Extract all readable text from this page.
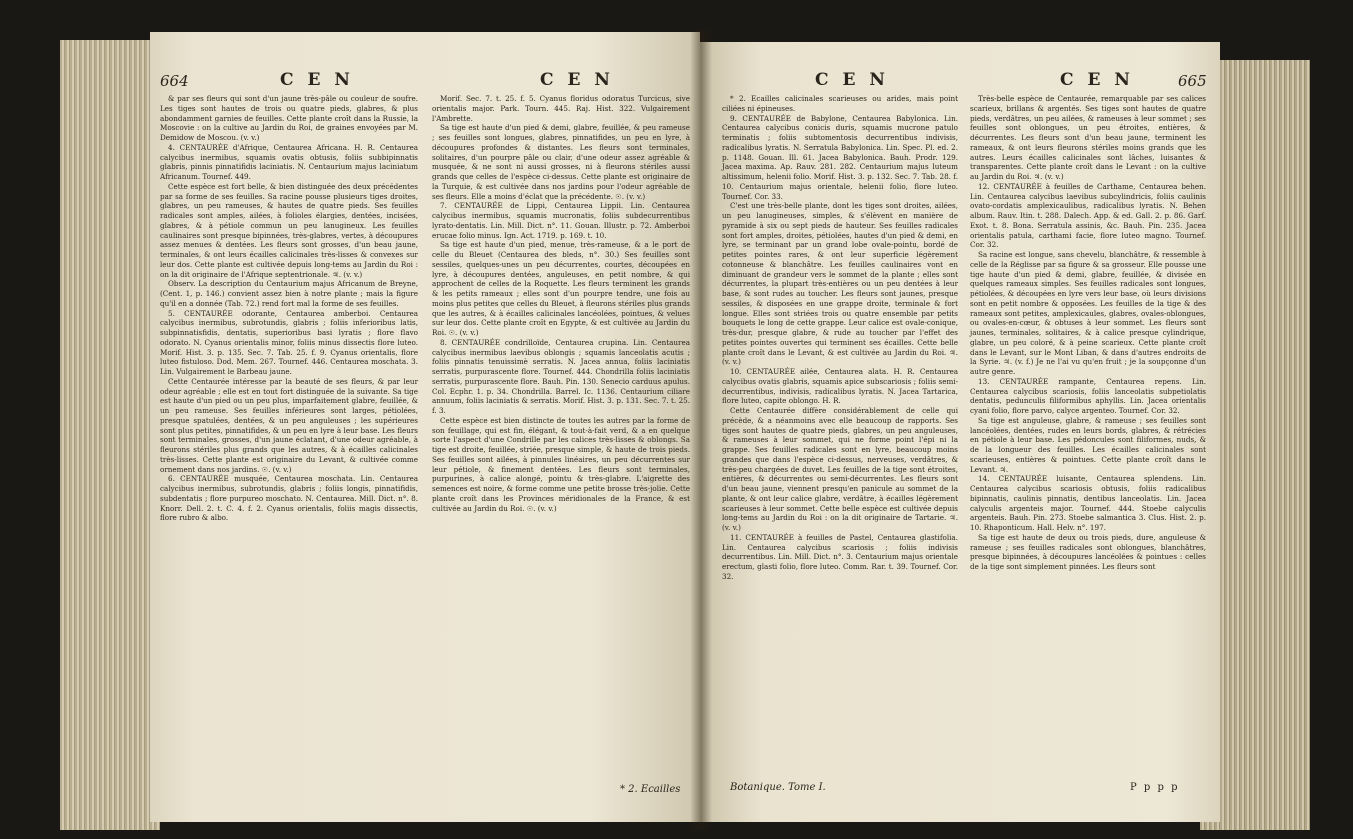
664	C E N	C E N

& par ses fleurs qui sont d'un jaune très-pâle ou couleur de soufre. Les tiges sont hautes de trois ou quatre pieds, glabres, & plus abondamment garnies de feuilles. Cette plante croît dans la Russie, la Moscovie : on la cultive au Jardin du Roi, de graines envoyées par M. Demidow de Moscou. (v. v.)

4. CENTAURÉE d'Afrique, Centaurea Africana. H. R. Centaurea calycibus inermibus, squamis ovatis obtusis, foliis subbipinnatis glabris, pinnis pinnatifidis laciniatis. N. Centaurium majus laciniatum Africanum. Tournef. 449.

Cette espèce est fort belle, & bien distinguée des deux précédentes par sa forme de ses feuilles. Sa racine pousse plusieurs tiges droites, glabres, un peu rameuses, & hautes de quatre pieds. Ses feuilles radicales sont amples, ailées, à folioles élargies, dentées, incisées, glabres, & à pétiole commun un peu lanugineux. Les feuilles caulinaires sont presque bipinnées, très-glabres, vertes, à découpures assez menues & dentées. Les fleurs sont grosses, d'un beau jaune, terminales, & ont leurs écailles calicinales très-lisses & convexes sur leur dos. Cette plante est cultivée depuis long-tems au Jardin du Roi : on la dit originaire de l'Afrique septentrionale. ♃. (v. v.)

Observ. La description du Centaurium majus Africanum de Breyne, (Cent. 1, p. 146.) convient assez bien à notre plante ; mais la figure qu'il en a donnée (Tab. 72.) rend fort mal la forme de ses feuilles.

5. CENTAURÉE odorante, Centaurea amberboi. Centaurea calycibus inermibus, subrotundis, glabris ; foliis inferioribus latis, subpinnatisfidis, dentatis, superioribus basi lyratis ; flore flavo odorato. N. Cyanus orientalis minor, foliis minus dissectis flore luteo. Morif. Hist. 3. p. 135. Sec. 7. Tab. 25. f. 9. Cyanus orientalis, flore luteo fistuloso. Dod. Mem. 267. Tournef. 446. Centaurea moschata. 3. Lin. Vulgairement le Barbeau jaune.

Cette Centaurée intéresse par la beauté de ses fleurs, & par leur odeur agréable ; elle est en tout fort distinguée de la suivante. Sa tige est haute d'un pied ou un peu plus, imparfaitement glabre, feuillée, & un peu rameuse. Ses feuilles inférieures sont larges, pétiolées, presque spatulées, dentées, & un peu anguleuses ; les supérieures sont plus petites, pinnatifides, & un peu en lyre à leur base. Les fleurs sont terminales, grosses, d'un jaune éclatant, d'une odeur agréable, à fleurons stériles plus grands que les autres, & à écailles calicinales très-lisses. Cette plante est originaire du Levant, & cultivée comme ornement dans nos jardins. ☉. (v. v.)

6. CENTAURÉE musquée, Centaurea moschata. Lin. Centaurea calycibus inermibus, subrotundis, glabris ; foliis longis, pinnatifidis, subdentatis ; flore purpureo moschato. N. Centaurea. Mill. Dict. n°. 8. Knorr. Dell. 2. t. C. 4. f. 2. Cyanus orientalis, foliis magis dissectis, flore rubro & albo.

Morif. Sec. 7. t. 25. f. 5. Cyanus floridus odoratus Turcicus, sive orientalis major. Park. Tourn. 445. Raj. Hist. 322. Vulgairement l'Ambrette.

Sa tige est haute d'un pied & demi, glabre, feuillée, & peu rameuse ; ses feuilles sont longues, glabres, pinnatifides, un peu en lyre, à découpures profondes & distantes. Les fleurs sont terminales, solitaires, d'un pourpre pâle ou clair, d'une odeur assez agréable & musquée, & ne sont ni aussi grosses, ni à fleurons stériles aussi grands que celles de l'espèce ci-dessus. Cette plante est originaire de la Turquie, & est cultivée dans nos jardins pour l'odeur agréable de ses fleurs. Elle a moins d'éclat que la précédente. ☉. (v. v.)

7. CENTAURÉE de Lippi, Centaurea Lippii. Lin. Centaurea calycibus inermibus, squamis mucronatis, foliis subdecurrentibus lyrato-dentatis. Lin. Mill. Dict. n°. 11. Gouan. Illustr. p. 72. Amberboi erucae folio minus. Ign. Act. 1719. p. 169. t. 10.

Sa tige est haute d'un pied, menue, très-rameuse, & a le port de celle du Bleuet (Centaurea des bleds, n°. 30.) Ses feuilles sont sessiles, quelques-unes un peu décurrentes, courtes, découpées en lyre, à découpures dentées, anguleuses, en petit nombre, & qui approchent de celles de la Roquette. Les fleurs terminent les grands & les petits rameaux ; elles sont d'un pourpre tendre, une fois au moins plus petites que celles du Bleuet, à fleurons stériles plus grands que les autres, & à écailles calicinales lancéolées, pointues, & velues sur leur dos. Cette plante croît en Egypte, & est cultivée au Jardin du Roi. ☉. (v. v.)

8. CENTAURÉE condrilloïde, Centaurea crupina. Lin. Centaurea calycibus inermibus laevibus oblongis ; squamis lanceolatis acutis ; foliis pinnatis tenuissimè serratis. N. Jacea annua, foliis laciniatis serratis, purpurascente flore. Tournef. 444. Chondrilla foliis laciniatis serratis, purpurascente flore. Bauh. Pin. 130. Senecio carduus apulus. Col. Ecphr. 1. p. 34. Chondrilla. Barrel. Ic. 1136. Centaurium ciliare annuum, foliis laciniatis & serratis. Morif. Hist. 3. p. 131. Sec. 7. t. 25. f. 3.

Cette espèce est bien distincte de toutes les autres par la forme de son feuillage, qui est fin, élégant, & tout-à-fait verd, & a en quelque sorte l'aspect d'une Condrille par les calices très-lisses & oblongs. Sa tige est droite, feuillée, striée, presque simple, & haute de trois pieds. Ses feuilles sont ailées, à pinnules linéaires, un peu décurrentes sur leur pétiole, & finement dentées. Les fleurs sont terminales, purpurines, à calice alongé, pointu & très-glabre. L'aigrette des semences est noire, & forme comme une petite brosse très-jolie. Cette plante croît dans les Provinces méridionales de la France, & est cultivée au Jardin du Roi. ☉. (v. v.)

* 2. Ecailles
C E N	C E N	665

* 2. Ecailles calicinales scarieuses ou arides, mais point ciliées ni épineuses.

9. CENTAURÉE de Babylone, Centaurea Babylonica. Lin. Centaurea calycibus conicis duris, squamis mucrone patulo terminatis ; foliis subtomentosis decurrentibus indivisis, radicalibus lyratis. N. Serratula Babylonica. Lin. Spec. Pl. ed. 2. p. 1148. Gouan. Ill. 61. Jacea Babylonica. Bauh. Prodr. 129. Jacea maxima. Ap. Rauv. 281. 282. Centaurium majus luteum altissimum, helenii folio. Morif. Hist. 3. p. 132. Sec. 7. Tab. 28. f. 10. Centaurium majus orientale, helenii folio, flore luteo. Tournef. Cor. 33.

C'est une très-belle plante, dont les tiges sont droites, ailées, un peu lanugineuses, simples, & s'élèvent en manière de pyramide à six ou sept pieds de hauteur. Ses feuilles radicales sont fort amples, droites, pétiolées, hautes d'un pied & demi, en lyre, se terminant par un grand lobe ovale-pointu, bordé de petites pointes rares, & ont leur superficie légèrement cotonneuse & blanchâtre. Les feuilles caulinaires vont en diminuant de grandeur vers le sommet de la plante ; elles sont décurrentes, la plupart très-entières ou un peu dentées à leur base, & sont rudes au toucher. Les fleurs sont jaunes, presque sessiles, & disposées en une grappe droite, terminale & fort longue. Elles sont striées trois ou quatre ensemble par petits bouquets le long de cette grappe. Leur calice est ovale-conique, très-dur, presque glabre, & rude au toucher par l'effet des petites pointes ouvertes qui terminent ses écailles. Cette belle plante croît dans le Levant, & est cultivée au Jardin du Roi. ♃. (v. v.)

10. CENTAURÉE ailée, Centaurea alata. H. R. Centaurea calycibus ovatis glabris, squamis apice subscariosis ; foliis semi-decurrentibus, indivisis, radicalibus lyratis. N. Jacea Tartarica, flore luteo, capite oblongo. H. R.

Cette Centaurée diffère considérablement de celle qui précède, & a néanmoins avec elle beaucoup de rapports. Ses tiges sont hautes de quatre pieds, glabres, un peu anguleuses, & rameuses à leur sommet, qui ne forme point l'épi ni la grappe. Ses feuilles radicales sont en lyre, beaucoup moins grandes que dans l'espèce ci-dessus, nerveuses, verdâtres, & très-peu chargées de duvet. Les feuilles de la tige sont étroites, entières, & décurrentes ou semi-décurrentes. Les fleurs sont d'un beau jaune, viennent presqu'en panicule au sommet de la plante, & ont leur calice glabre, verdâtre, à écailles légèrement scarieuses à leur sommet. Cette belle espèce est cultivée depuis long-tems au Jardin du Roi : on la dit originaire de Tartarie. ♃. (v. v.)

11. CENTAURÉE à feuilles de Pastel, Centaurea glastifolia. Lin. Centaurea calycibus scariosis ; foliis indivisis decurrentibus. Lin. Mill. Dict. n°. 3. Centaurium majus orientale erectum, glasti folio, flore luteo. Comm. Rar. t. 39. Tournef. Cor. 32.

Très-belle espèce de Centaurée, remarquable par ses calices scarieux, brillans & argentés. Ses tiges sont hautes de quatre pieds, verdâtres, un peu ailées, & rameuses à leur sommet ; ses feuilles sont oblongues, un peu étroites, entières, & décurrentes. Les fleurs sont d'un beau jaune, terminent les rameaux, & ont leurs fleurons stériles moins grands que les autres. Leurs écailles calicinales sont lâches, luisantes & transparentes. Cette plante croît dans le Levant : on la cultive au Jardin du Roi. ♃. (v. v.)

12. CENTAURÉE à feuilles de Carthame, Centaurea behen. Lin. Centaurea calycibus laevibus subcylindricis, foliis caulinis ovato-cordatis amplexicaulibus, radicalibus lyratis. N. Behen album. Rauv. Itin. t. 288. Dalech. App. & ed. Gall. 2. p. 86. Garf. Exot. t. 8. Bona. Serratula assinis, &c. Bauh. Pin. 235. Jacea orientalis patula, carthami facie, flore luteo magno. Tournef. Cor. 32.

Sa racine est longue, sans chevelu, blanchâtre, & ressemble à celle de la Réglisse par sa figure & sa grosseur. Elle pousse une tige haute d'un pied & demi, glabre, feuillée, & divisée en quelques rameaux simples. Ses feuilles radicales sont longues, pétiolées, & découpées en lyre vers leur base, où leurs divisions sont en petit nombre & opposées. Les feuilles de la tige & des rameaux sont petites, amplexicaules, glabres, ovales-oblongues, ou ovales-en-cœur, & obtuses à leur sommet. Les fleurs sont jaunes, terminales, solitaires, & à calice presque cylindrique, glabre, un peu coloré, & à peine scarieux. Cette plante croît dans le Levant, sur le Mont Liban, & dans d'autres endroits de la Syrie. ♃. (v. f.) Je ne l'ai vu qu'en fruit ; je la soupçonne d'un autre genre.

13. CENTAURÉE rampante, Centaurea repens. Lin. Centaurea calycibus scariosis, foliis lanceolatis subpetiolatis dentatis, pedunculis filiformibus aphyllis. Lin. Jacea orientalis cyani folio, flore parvo, calyce argenteo. Tournef. Cor. 32.

Sa tige est anguleuse, glabre, & rameuse ; ses feuilles sont lancéolées, dentées, rudes en leurs bords, glabres, & rétrécies en pétiole à leur base. Les pédoncules sont filiformes, nuds, & de la longueur des feuilles. Les écailles calicinales sont scarieuses, entières & pointues. Cette plante croît dans le Levant. ♃.

14. CENTAURÉE luisante, Centaurea splendens. Lin. Centaurea calycibus scariosis obtusis, foliis radicalibus bipinnatis, caulinis pinnatis, dentibus lanceolatis. Lin. Jacea calyculis argenteis major. Tournef. 444. Stoebe calyculis argenteis. Bauh. Pin. 273. Stoebe salmantica 3. Clus. Hist. 2. p. 10. Rhaponticum. Hall. Helv. n°. 197.

Sa tige est haute de deux ou trois pieds, dure, anguleuse & rameuse ; ses feuilles radicales sont oblongues, blanchâtres, presque bipinnées, à découpures lancéolées & pointues : celles de la tige sont simplement pinnées. Les fleurs sont

Botanique. Tome I.	P p p p
